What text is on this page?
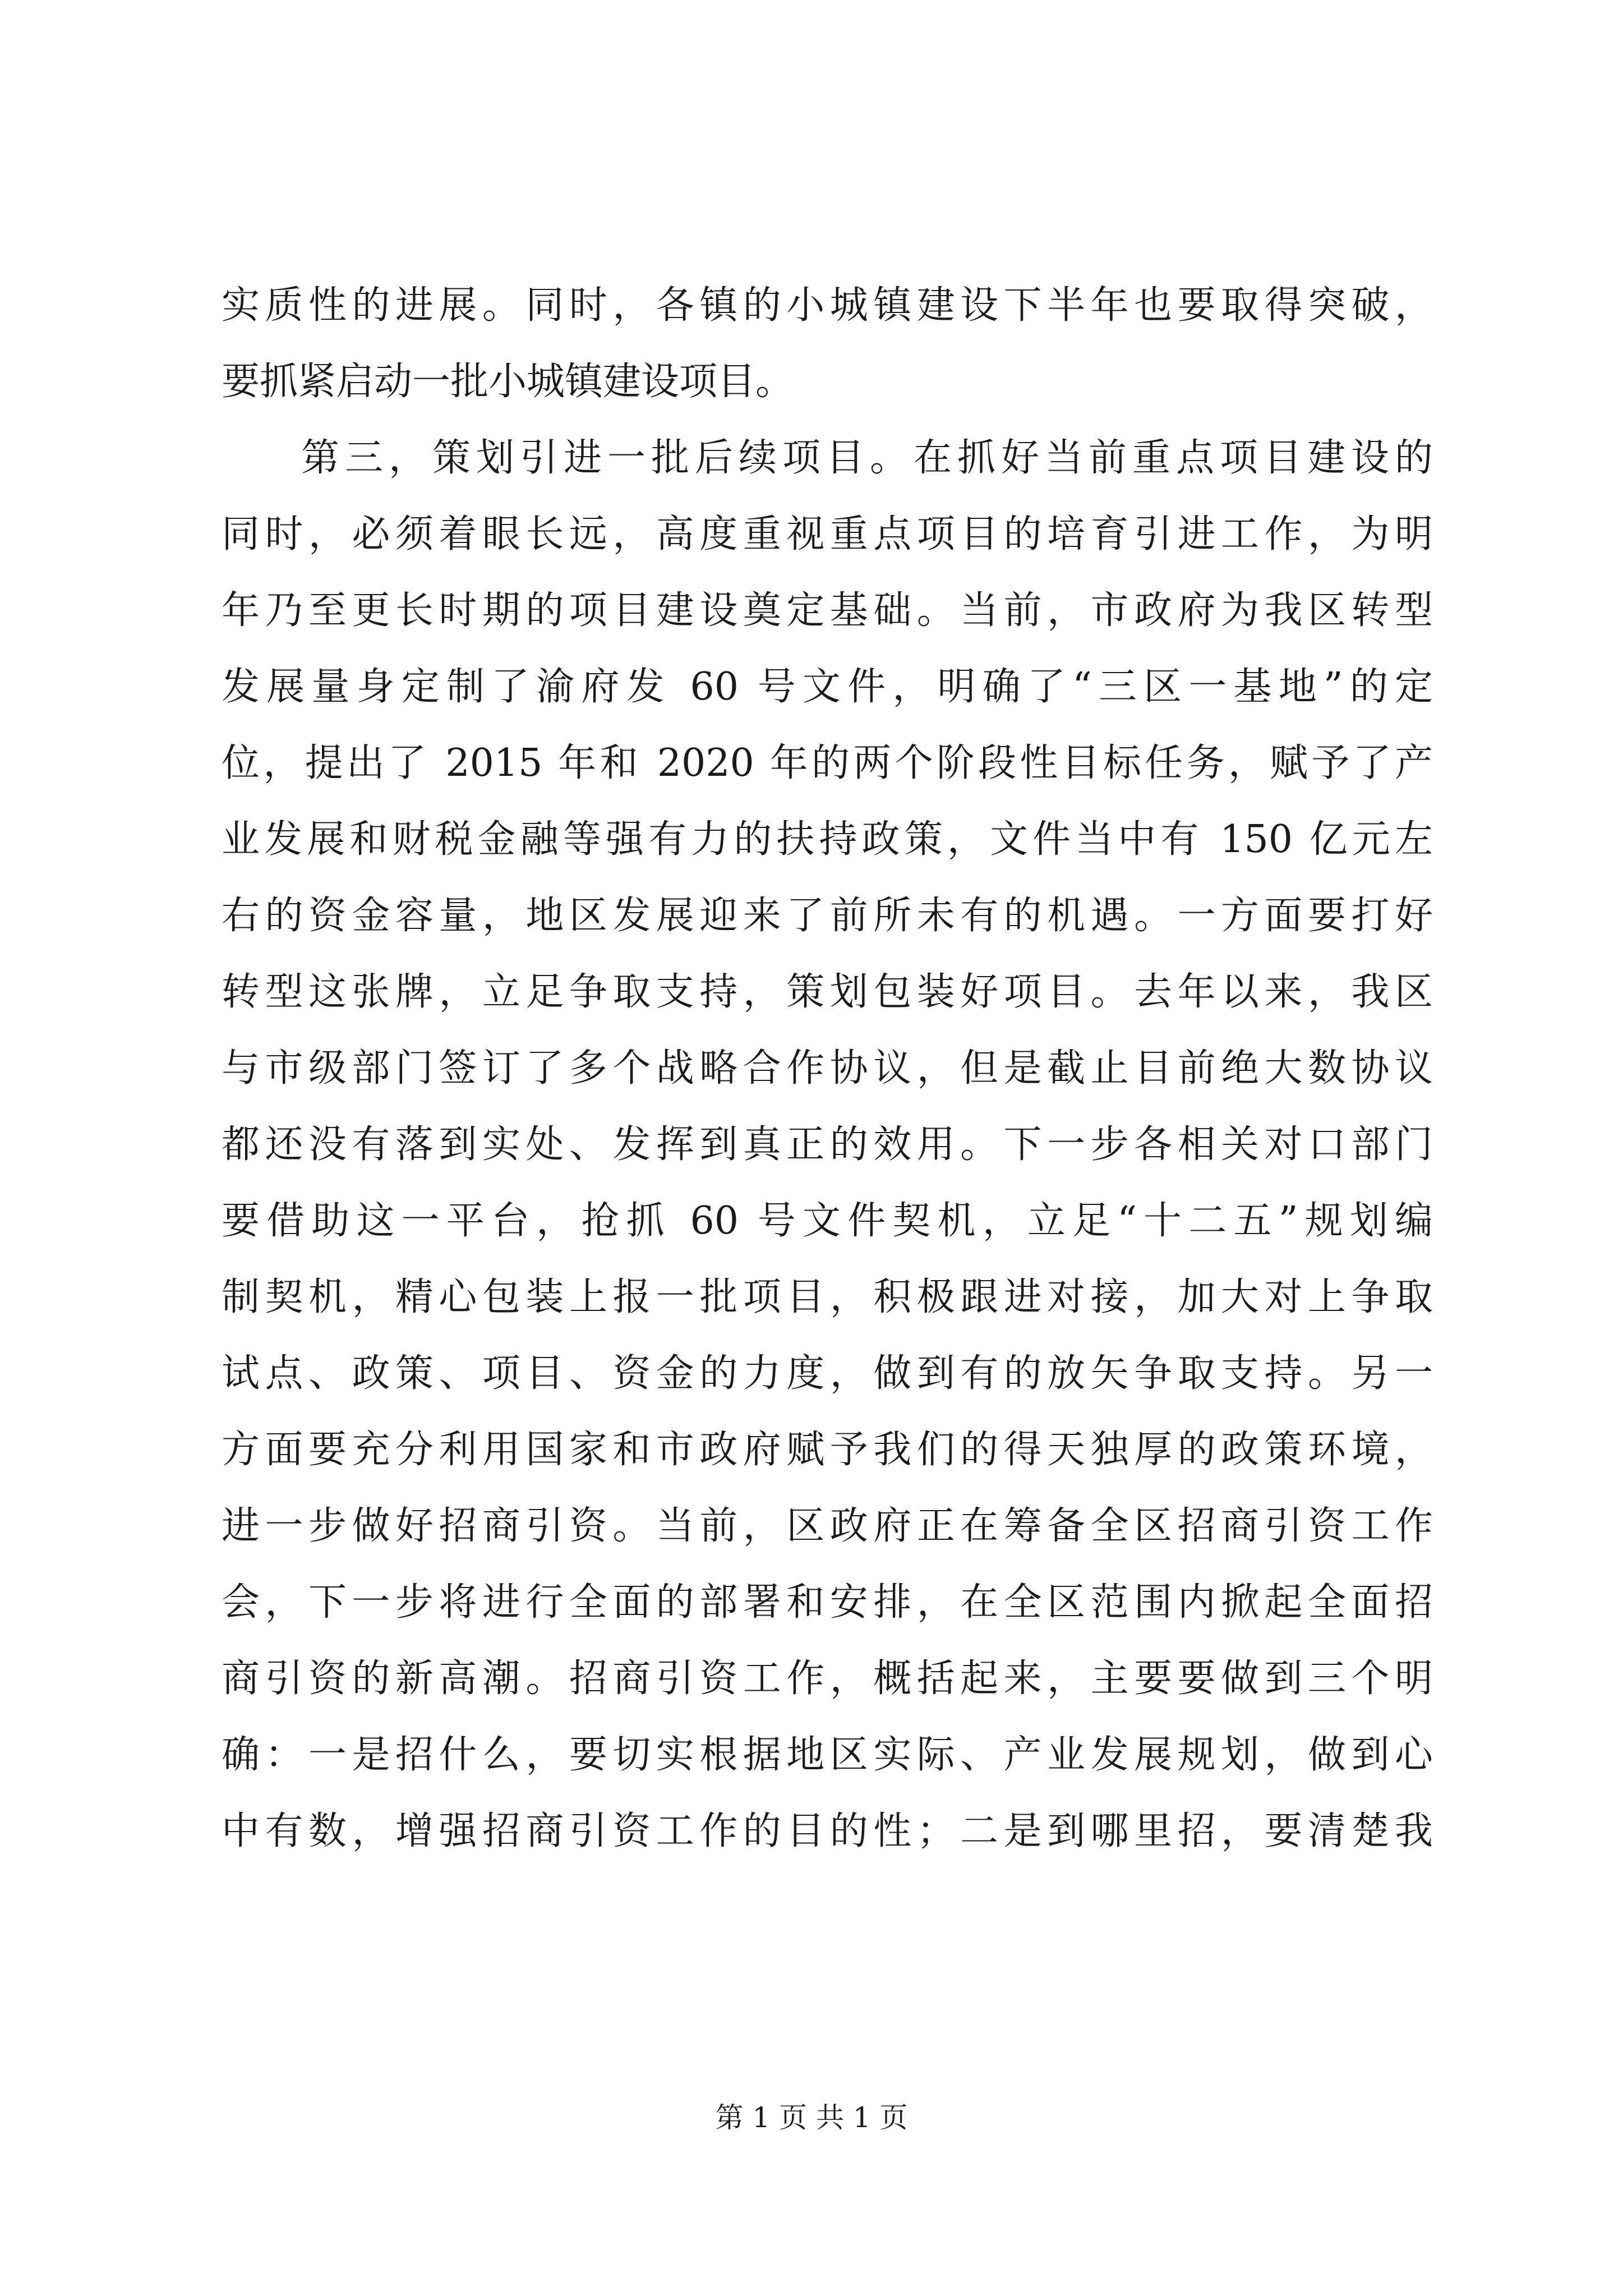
实质性的进展。同时，各镇的小城镇建设下半年也要取得突破，
要抓紧启动一批小城镇建设项目。
第三，策划引进一批后续项目。在抓好当前重点项目建设的
同时，必须着眼长远，高度重视重点项目的培育引进工作，为明
年乃至更长时期的项目建设奠定基础。当前，市政府为我区转型
发展量身定制了渝府发 60 号文件，明确了“三区一基地”的定
位，提出了 2015 年和 2020 年的两个阶段性目标任务，赋予了产
业发展和财税金融等强有力的扶持政策，文件当中有 150 亿元左
右的资金容量，地区发展迎来了前所未有的机遇。一方面要打好
转型这张牌，立足争取支持，策划包装好项目。去年以来，我区
与市级部门签订了多个战略合作协议，但是截止目前绝大数协议
都还没有落到实处、发挥到真正的效用。下一步各相关对口部门
要借助这一平台，抢抓 60 号文件契机，立足“十二五”规划编
制契机，精心包装上报一批项目，积极跟进对接，加大对上争取
试点、政策、项目、资金的力度，做到有的放矢争取支持。另一
方面要充分利用国家和市政府赋予我们的得天独厚的政策环境，
进一步做好招商引资。当前，区政府正在筹备全区招商引资工作
会，下一步将进行全面的部署和安排，在全区范围内掀起全面招
商引资的新高潮。招商引资工作，概括起来，主要要做到三个明
确：一是招什么，要切实根据地区实际、产业发展规划，做到心
中有数，增强招商引资工作的目的性；二是到哪里招，要清楚我
第 1 页 共 1 页
